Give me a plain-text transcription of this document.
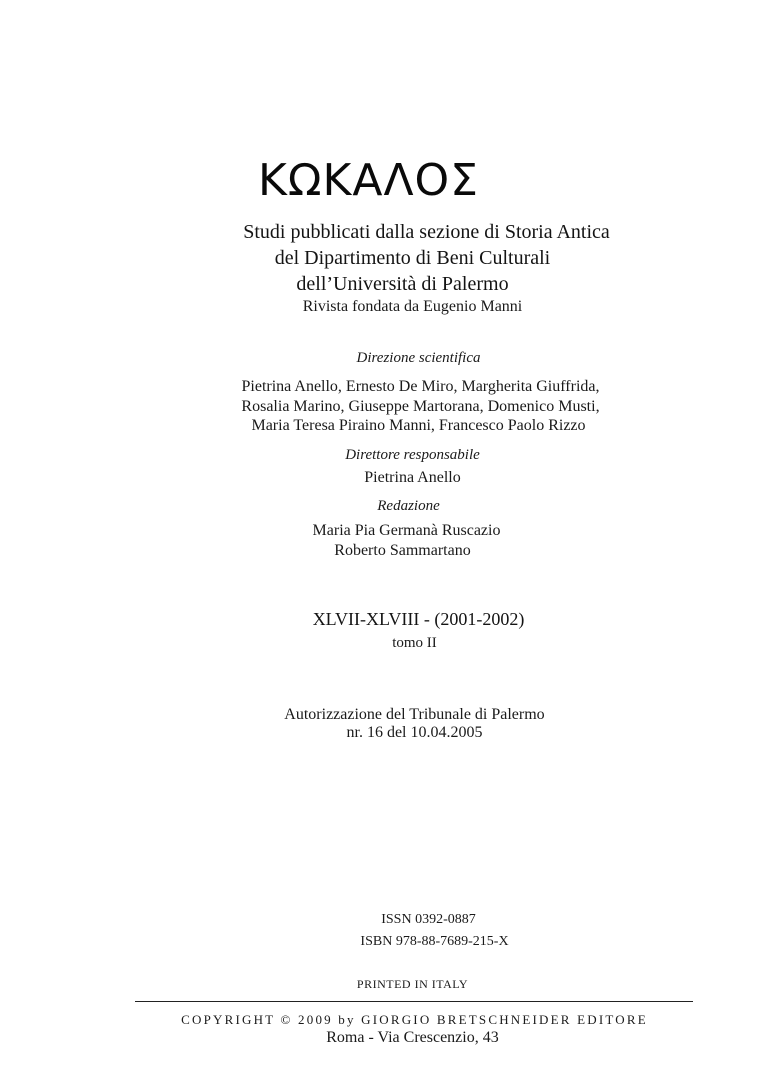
ΚΩΚΑΛΟΣ
Studi pubblicati dalla sezione di Storia Antica
del Dipartimento di Beni Culturali
dell’Università di Palermo
Rivista fondata da Eugenio Manni
Direzione scientifica
Pietrina Anello, Ernesto De Miro, Margherita Giuffrida,
Rosalia Marino, Giuseppe Martorana, Domenico Musti,
Maria Teresa Piraino Manni, Francesco Paolo Rizzo
Direttore responsabile
Pietrina Anello
Redazione
Maria Pia Germanà Ruscazio
Roberto Sammartano
XLVII-XLVIII - (2001-2002)
tomo II
Autorizzazione del Tribunale di Palermo
nr. 16 del 10.04.2005
ISSN 0392-0887
ISBN 978-88-7689-215-X
PRINTED IN ITALY
COPYRIGHT © 2009 by GIORGIO BRETSCHNEIDER EDITORE
Roma - Via Crescenzio, 43
